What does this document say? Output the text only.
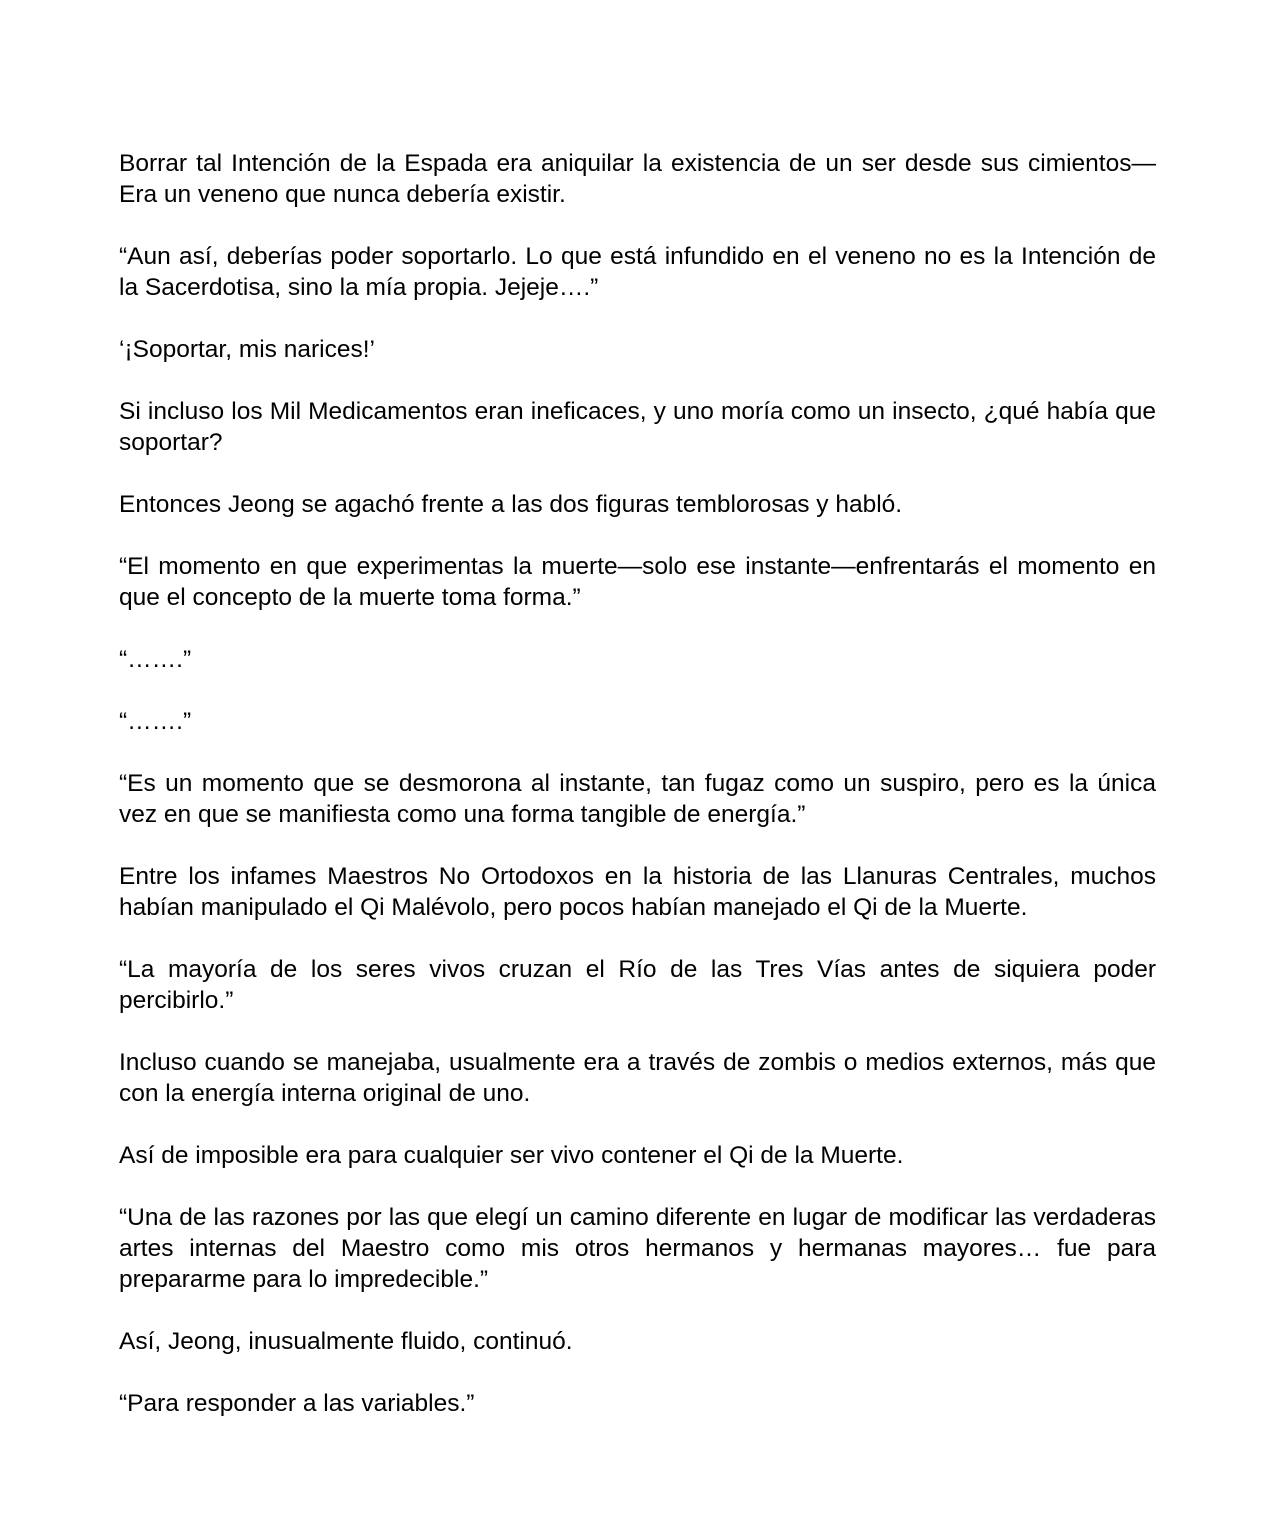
Borrar tal Intención de la Espada era aniquilar la existencia de un ser desde sus cimientos— Era un veneno que nunca debería existir.

“Aun así, deberías poder soportarlo. Lo que está infundido en el veneno no es la Intención de la Sacerdotisa, sino la mía propia. Jejeje….”

‘¡Soportar, mis narices!’

Si incluso los Mil Medicamentos eran ineficaces, y uno moría como un insecto, ¿qué había que soportar?

Entonces Jeong se agachó frente a las dos figuras temblorosas y habló.

“El momento en que experimentas la muerte—solo ese instante—enfrentarás el momento en que el concepto de la muerte toma forma.”

“…….”

“…….”

“Es un momento que se desmorona al instante, tan fugaz como un suspiro, pero es la única vez en que se manifiesta como una forma tangible de energía.”

Entre los infames Maestros No Ortodoxos en la historia de las Llanuras Centrales, muchos habían manipulado el Qi Malévolo, pero pocos habían manejado el Qi de la Muerte.

“La mayoría de los seres vivos cruzan el Río de las Tres Vías antes de siquiera poder percibirlo.”

Incluso cuando se manejaba, usualmente era a través de zombis o medios externos, más que con la energía interna original de uno.

Así de imposible era para cualquier ser vivo contener el Qi de la Muerte.

“Una de las razones por las que elegí un camino diferente en lugar de modificar las verdaderas artes internas del Maestro como mis otros hermanos y hermanas mayores… fue para prepararme para lo impredecible.”

Así, Jeong, inusualmente fluido, continuó.

“Para responder a las variables.”
